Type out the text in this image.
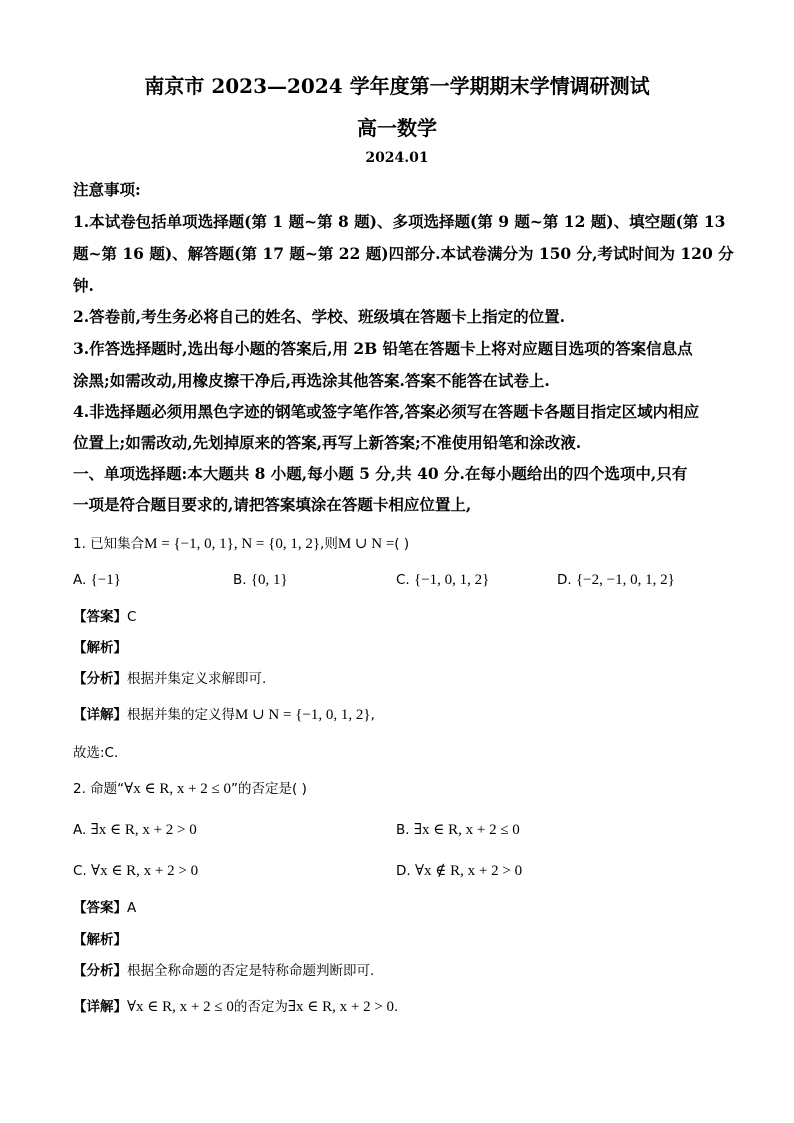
南京市 2023—2024 学年度第一学期期末学情调研测试
高一数学
2024.01
注意事项:
1.本试卷包括单项选择题(第 1 题~第 8 题)、多项选择题(第 9 题~第 12 题)、填空题(第 13
题~第 16 题)、解答题(第 17 题~第 22 题)四部分.本试卷满分为 150 分,考试时间为 120 分
钟.
2.答卷前,考生务必将自己的姓名、学校、班级填在答题卡上指定的位置.
3.作答选择题时,选出每小题的答案后,用 2B 铅笔在答题卡上将对应题目选项的答案信息点
涂黑;如需改动,用橡皮擦干净后,再选涂其他答案.答案不能答在试卷上.
4.非选择题必须用黑色字迹的钢笔或签字笔作答,答案必须写在答题卡各题目指定区域内相应
位置上;如需改动,先划掉原来的答案,再写上新答案;不准使用铅笔和涂改液.
一、单项选择题:本大题共 8 小题,每小题 5 分,共 40 分.在每小题给出的四个选项中,只有
一项是符合题目要求的,请把答案填涂在答题卡相应位置上,
1. 已知集合M = {−1, 0, 1}, N = {0, 1, 2},则M ∪ N =( )
A. {−1}	B. {0, 1}	C. {−1, 0, 1, 2}	D. {−2, −1, 0, 1, 2}
【答案】C
【解析】
【分析】根据并集定义求解即可.
【详解】根据并集的定义得M ∪ N = {−1, 0, 1, 2},
故选:C.
2. 命题“∀x ∈ R, x + 2 ≤ 0”的否定是( )
A. ∃x ∈ R, x + 2 > 0	B. ∃x ∈ R, x + 2 ≤ 0
C. ∀x ∈ R, x + 2 > 0	D. ∀x ∉ R, x + 2 > 0
【答案】A
【解析】
【分析】根据全称命题的否定是特称命题判断即可.
【详解】∀x ∈ R, x + 2 ≤ 0的否定为∃x ∈ R, x + 2 > 0.
